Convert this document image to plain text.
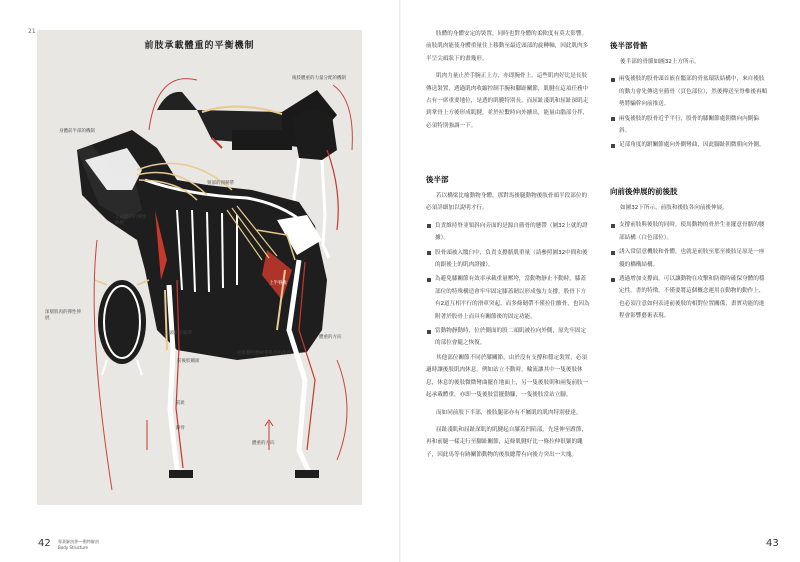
21
前肢承載體重的平衡機制
後肢體重的力量分配的機制
身體前半部的機制
頸部的頸韌帶
上前腿的的彈性伸展
深層肌肉的彈性伸展
二頭肌的韌帶
上半脊椎
前後肢關節
前趾
蹄骨
體重的方向
體重的方向
屈肌腱和懸韌帶肌肉的作用
專業解剖書──動物解剖
Body Structure
42	43

肢體的身體安定的裝置，同時也對身體的柔軟度有莫大影響。前肢肌肉能使身體重量往上移動至最近頭部的旋轉軸，因此肌肉多半呈尖頭狀下的畫幾形。

肌肉力量止於手腕正上方，亦即腕骨上。這些肌肉好比是長肢傳送裝置，透過肌肉收縮控制手腕和腳趾關節，肌腱在這項任務中占有一席重要地位，是透的肌腱特別長，而屈趾淺肌和屈趾深肌走到掌骨上方後形成肌腱，並於拉繫時向外擴出，能量由腦部分拌，必須特別強調一下。

後半部

若以橋梁比喻動物身體，那對馬後腿動物後肢骨頭半段部位的必須詳細加以說明才行。

負責維持脊並領斜向旁面的是源自薦骨的懸帶（圖32上就的證據）。
股骨頭被入髖臼中，負責支撐骼肌重量（請參照圖32中間和後的跟後上的肌肉證據）。
為避免膝關節有效率承載重量壓垮，當動物靜止不動時，膝蓋部位的特殊構造會牢牢固定膝蓋韌以形成強力支撐，股骨下方有2道互相平行的滑車突起，而多條韌帶不僅拉住髕骨，也因為附著於股骨上而具有關節後的固定功能。
當動物靜動時，位於側面的股二頭肌被拉向外側，原先牢固定的部位會隨之恢復。

其他部位關節不同於膝關節，由於沒有支撐和穩定裝置，必須適時讓後肢肌肉休息。例如站立不動時，輪流讓其中一隻後肢休息，休息的後肢微微彎曲擺在地面上，另一隻後肢則和兩隻前肢一起承載體重，亦即一隻後肢當擺動腳，一隻後肢當站立腳。

而如同前肢下半部，後肢腿部亦有不屬肌的肌肉特別發達。

屈趾淺肌和屈趾深肌的肌腱起自膝蓋凹陷部，先延伸至跗節，再和前腿一樣走行至腳趾關節，這條肌腱好比一條拉伸很緊的繩子，因此馬等有跡關節動物的後肢總帶有向後方突出一大塊。

後半部骨骼

後半部的骨骼如圖32上方所示。

兩隻後肢的股骨頭首嵌在髖部的骨盆環狀結構中，來自後肢的動力會先傳送至薦骨（頁色部位），然後傳送至脊椎後再順勢將騙幹向前推送。
兩隻後肢的股骨近乎平行，股骨的膝關節處朝微向內側偏斜。
足部角度的跗關節處向外側彎曲，因此腳趾朝微朝向外側。
向前後伸展的前後肢

如圖32下所示，前肢和後肢各向前後伸展。

支撐前肢與後肢的同時，使馬動物的骨於生並擺意骨骼的腰部結構（白色部位）。
誘入常留意機肢和骨體，也就是前肢至那至後肢足原是一座優的橋構結構。
透過增加支撐面，可以讓動物在攻擊和防衛時確保身體的穩定性。書的特徵，不僅要將這個概念運用在動物的動作上，也必須注意如何表達前後肢的相對位置關係，畫實功能的進程會影響藝術表現。
